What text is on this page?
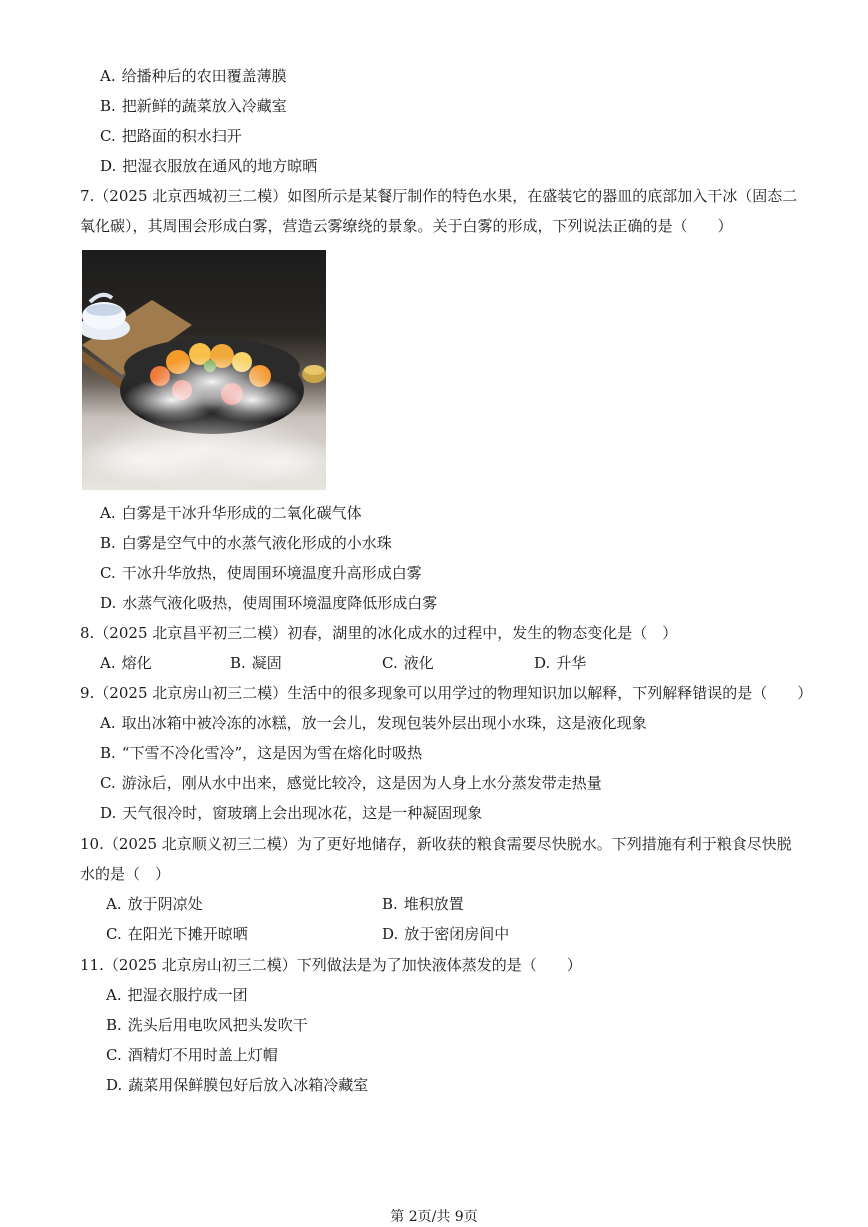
A. 给播种后的农田覆盖薄膜
B. 把新鲜的蔬菜放入冷藏室
C. 把路面的积水扫开
D. 把湿衣服放在通风的地方晾晒
7.（2025 北京西城初三二模）如图所示是某餐厅制作的特色水果，在盛装它的器皿的底部加入干冰（固态二
氧化碳），其周围会形成白雾，营造云雾缭绕的景象。关于白雾的形成，下列说法正确的是（　　）
A. 白雾是干冰升华形成的二氧化碳气体
B. 白雾是空气中的水蒸气液化形成的小水珠
C. 干冰升华放热，使周围环境温度升高形成白雾
D. 水蒸气液化吸热，使周围环境温度降低形成白雾
8.（2025 北京昌平初三二模）初春，湖里的冰化成水的过程中，发生的物态变化是（　）
A. 熔化	B. 凝固	C. 液化	D. 升华
9.（2025 北京房山初三二模）生活中的很多现象可以用学过的物理知识加以解释，下列解释错误的是（　　）
A. 取出冰箱中被冷冻的冰糕，放一会儿，发现包装外层出现小水珠，这是液化现象
B. “下雪不冷化雪冷”，这是因为雪在熔化时吸热
C. 游泳后，刚从水中出来，感觉比较冷，这是因为人身上水分蒸发带走热量
D. 天气很冷时，窗玻璃上会出现冰花，这是一种凝固现象
10.（2025 北京顺义初三二模）为了更好地储存，新收获的粮食需要尽快脱水。下列措施有利于粮食尽快脱
水的是（　）
A. 放于阴凉处	B. 堆积放置
C. 在阳光下摊开晾晒	D. 放于密闭房间中
11.（2025 北京房山初三二模）下列做法是为了加快液体蒸发的是（　　）
A. 把湿衣服拧成一团
B. 洗头后用电吹风把头发吹干
C. 酒精灯不用时盖上灯帽
D. 蔬菜用保鲜膜包好后放入冰箱冷藏室
第 2页/共 9页
